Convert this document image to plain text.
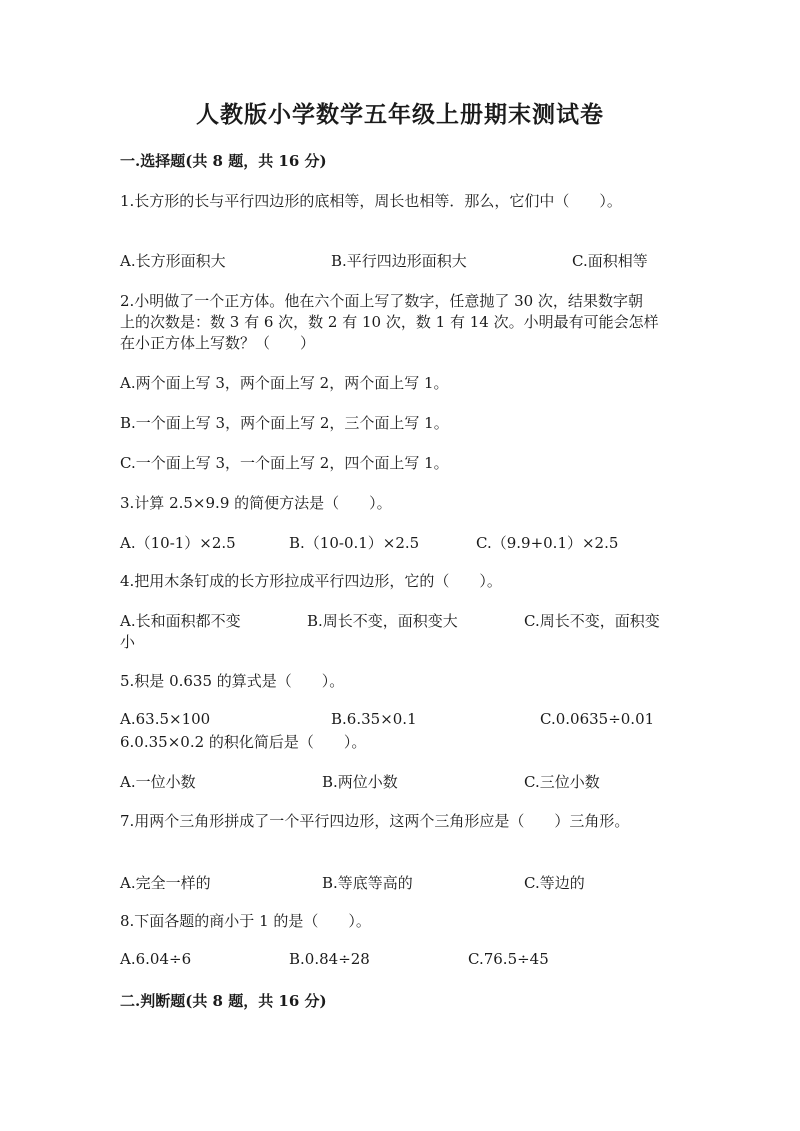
人教版小学数学五年级上册期末测试卷
一.选择题(共 8 题，共 16 分)
1.长方形的长与平行四边形的底相等，周长也相等．那么，它们中（　　）。
A.长方形面积大	B.平行四边形面积大	C.面积相等
2.小明做了一个正方体。他在六个面上写了数字，任意抛了 30 次，结果数字朝
上的次数是：数 3 有 6 次，数 2 有 10 次，数 1 有 14 次。小明最有可能会怎样
在小正方体上写数？（　　）
A.两个面上写 3，两个面上写 2，两个面上写 1。
B.一个面上写 3，两个面上写 2，三个面上写 1。
C.一个面上写 3，一个面上写 2，四个面上写 1。
3.计算 2.5×9.9 的简便方法是（　　）。
A.（10-1）×2.5	B.（10-0.1）×2.5	C.（9.9+0.1）×2.5
4.把用木条钉成的长方形拉成平行四边形，它的（　　）。
A.长和面积都不变	B.周长不变，面积变大	C.周长不变，面积变
小
5.积是 0.635 的算式是（　　）。
A.63.5×100	B.6.35×0.1	C.0.0635÷0.01
6.0.35×0.2 的积化简后是（　　）。
A.一位小数	B.两位小数	C.三位小数
7.用两个三角形拼成了一个平行四边形，这两个三角形应是（　　）三角形。
A.完全一样的	B.等底等高的	C.等边的
8.下面各题的商小于 1 的是（　　）。
A.6.04÷6	B.0.84÷28	C.76.5÷45
二.判断题(共 8 题，共 16 分)
